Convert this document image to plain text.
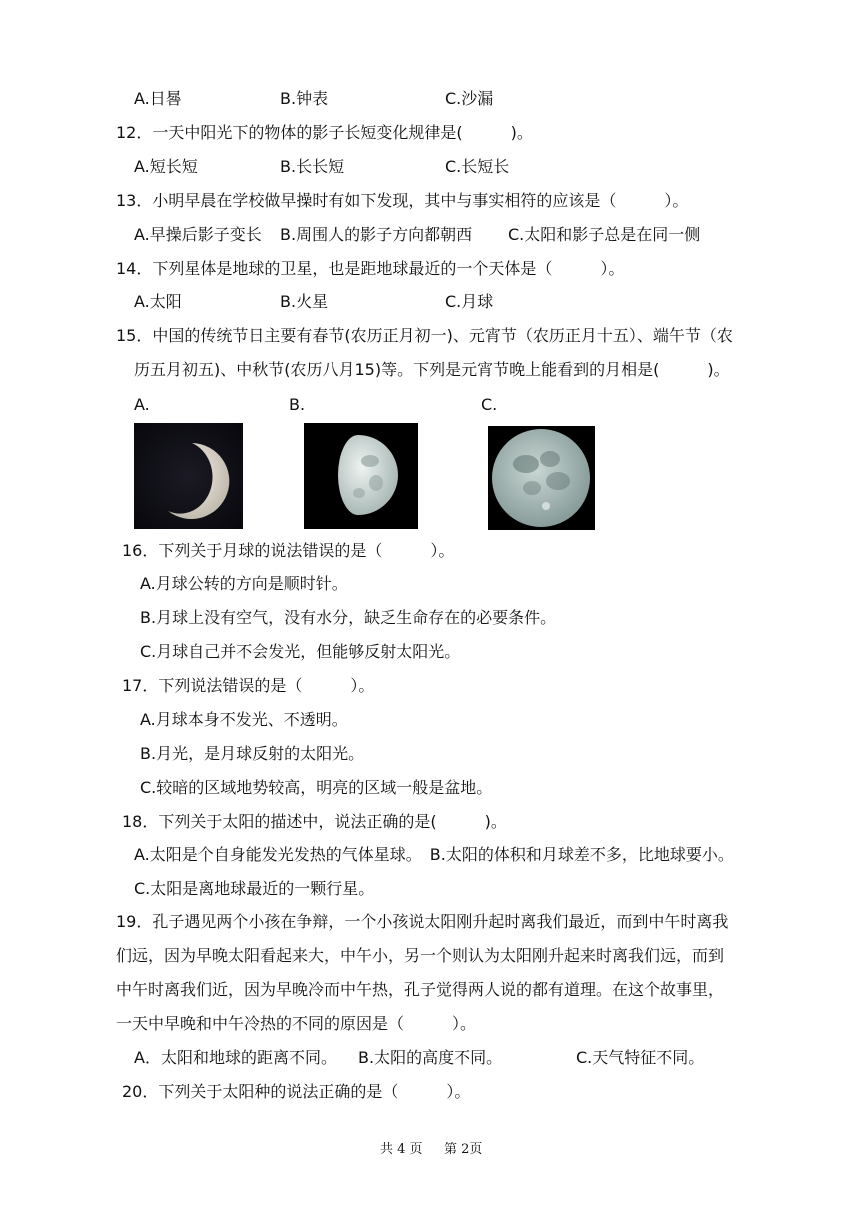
A.日晷	B.钟表	C.沙漏
12．一天中阳光下的物体的影子长短变化规律是(　　　)。
A.短长短	B.长长短	C.长短长
13．小明早晨在学校做早操时有如下发现，其中与事实相符的应该是（　　　）。
A.早操后影子变长 B.周围人的影子方向都朝西 C.太阳和影子总是在同一侧
14．下列星体是地球的卫星，也是距地球最近的一个天体是（　　　）。
A.太阳	B.火星	C.月球
15．中国的传统节日主要有春节(农历正月初一)、元宵节（农历正月十五）、端午节（农
历五月初五)、中秋节(农历八月15)等。下列是元宵节晚上能看到的月相是(　　　)。
A.	B.	C.
16．下列关于月球的说法错误的是（　　　）。
A.月球公转的方向是顺时针。
B.月球上没有空气，没有水分，缺乏生命存在的必要条件。
C.月球自己并不会发光，但能够反射太阳光。
17．下列说法错误的是（　　　）。
A.月球本身不发光、不透明。
B.月光，是月球反射的太阳光。
C.较暗的区域地势较高，明亮的区域一般是盆地。
18．下列关于太阳的描述中，说法正确的是(　　　)。
A.太阳是个自身能发光发热的气体星球。　B.太阳的体积和月球差不多，比地球要小。
C.太阳是离地球最近的一颗行星。
19．孔子遇见两个小孩在争辩，一个小孩说太阳刚升起时离我们最近，而到中午时离我
们远，因为早晚太阳看起来大，中午小，另一个则认为太阳刚升起来时离我们远，而到
中午时离我们近，因为早晚冷而中午热，孔子觉得两人说的都有道理。在这个故事里，
一天中早晚和中午冷热的不同的原因是（　　　）。
A．太阳和地球的距离不同。 B.太阳的高度不同。	C.天气特征不同。
20．下列关于太阳种的说法正确的是（　　　）。
共 4 页 第 2页
